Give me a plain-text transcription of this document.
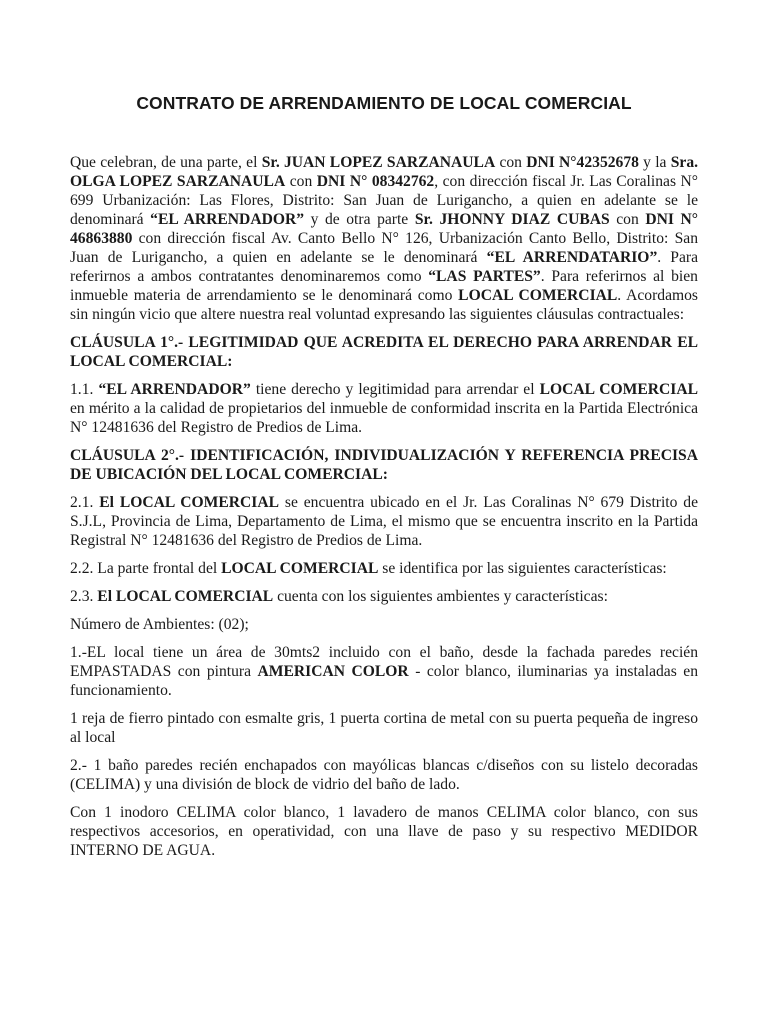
CONTRATO DE ARRENDAMIENTO DE LOCAL COMERCIAL

Que celebran, de una parte, el Sr. JUAN LOPEZ SARZANAULA con DNI N°42352678 y la Sra. OLGA LOPEZ SARZANAULA con DNI N° 08342762, con dirección fiscal Jr. Las Coralinas N° 699 Urbanización: Las Flores, Distrito: San Juan de Lurigancho, a quien en adelante se le denominará “EL ARRENDADOR” y de otra parte Sr. JHONNY DIAZ CUBAS con DNI N° 46863880 con dirección fiscal Av. Canto Bello N° 126, Urbanización Canto Bello, Distrito: San Juan de Lurigancho, a quien en adelante se le denominará “EL ARRENDATARIO”. Para referirnos a ambos contratantes denominaremos como “LAS PARTES”. Para referirnos al bien inmueble materia de arrendamiento se le denominará como LOCAL COMERCIAL. Acordamos sin ningún vicio que altere nuestra real voluntad expresando las siguientes cláusulas contractuales:

CLÁUSULA 1°.- LEGITIMIDAD QUE ACREDITA EL DERECHO PARA ARRENDAR EL LOCAL COMERCIAL:

1.1. “EL ARRENDADOR” tiene derecho y legitimidad para arrendar el LOCAL COMERCIAL en mérito a la calidad de propietarios del inmueble de conformidad inscrita en la Partida Electrónica N° 12481636 del Registro de Predios de Lima.

CLÁUSULA 2°.- IDENTIFICACIÓN, INDIVIDUALIZACIÓN Y REFERENCIA PRECISA DE UBICACIÓN DEL LOCAL COMERCIAL:

2.1. El LOCAL COMERCIAL se encuentra ubicado en el Jr. Las Coralinas N° 679 Distrito de S.J.L, Provincia de Lima, Departamento de Lima, el mismo que se encuentra inscrito en la Partida Registral N° 12481636 del Registro de Predios de Lima.

2.2. La parte frontal del LOCAL COMERCIAL se identifica por las siguientes características:

2.3. El LOCAL COMERCIAL cuenta con los siguientes ambientes y características:

Número de Ambientes: (02);

1.-EL local tiene un área de 30mts2 incluido con el baño, desde la fachada paredes recién EMPASTADAS con pintura AMERICAN COLOR - color blanco, iluminarias ya instaladas en funcionamiento.

1 reja de fierro pintado con esmalte gris, 1 puerta cortina de metal con su puerta pequeña de ingreso al local

2.- 1 baño paredes recién enchapados con mayólicas blancas c/diseños con su listelo decoradas (CELIMA) y una división de block de vidrio del baño de lado.

Con 1 inodoro CELIMA color blanco, 1 lavadero de manos CELIMA color blanco, con sus respectivos accesorios, en operatividad, con una llave de paso y su respectivo MEDIDOR INTERNO DE AGUA.
